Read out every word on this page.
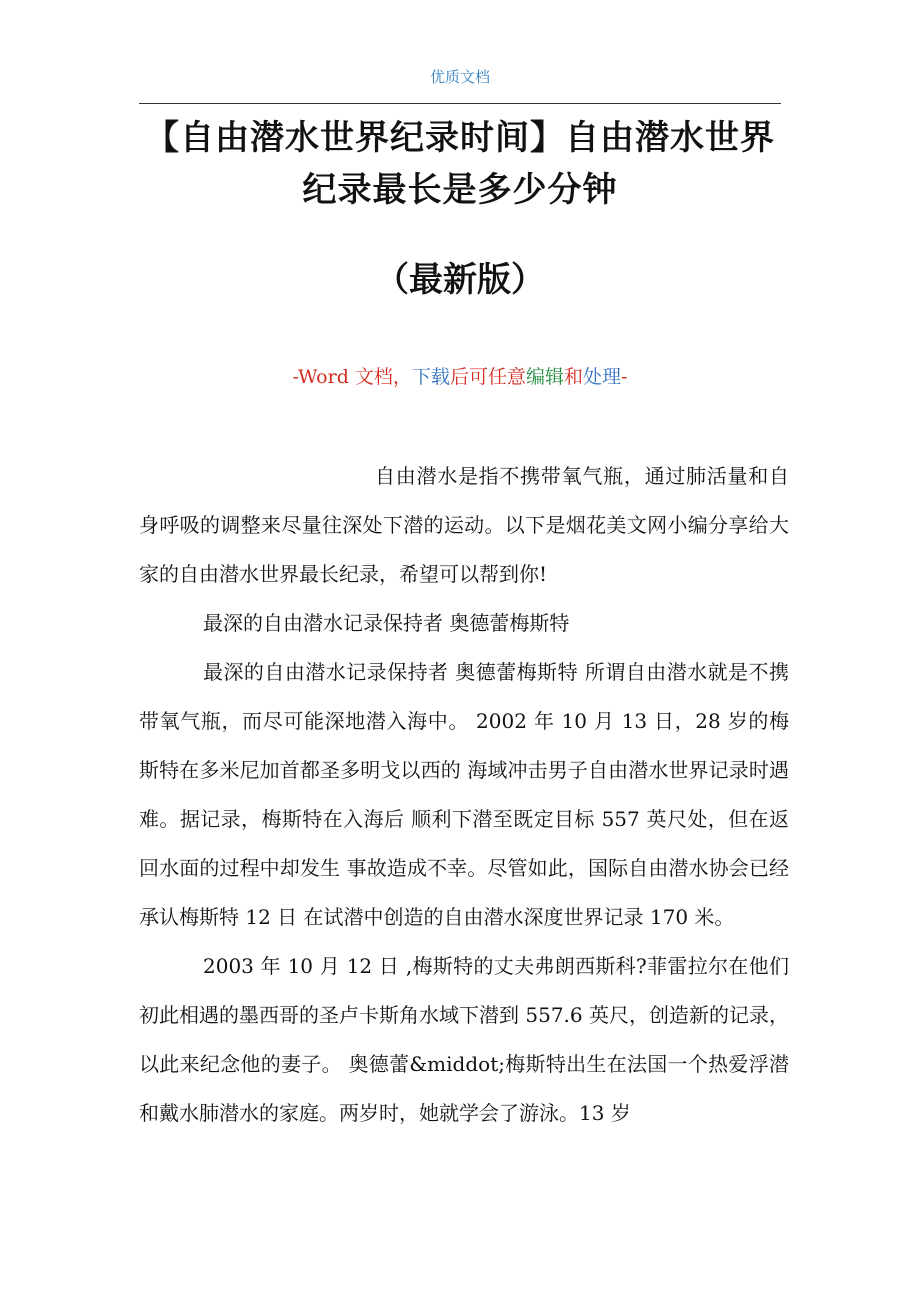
优质文档
【自由潜水世界纪录时间】自由潜水世界纪录最长是多少分钟
（最新版）
-Word 文档，下载后可任意编辑和处理-

自由潜水是指不携带氧气瓶，通过肺活量和自身呼吸的调整来尽量往深处下潜的运动。以下是烟花美文网小编分享给大家的自由潜水世界最长纪录，希望可以帮到你!

最深的自由潜水记录保持者 奥德蕾梅斯特

最深的自由潜水记录保持者 奥德蕾梅斯特 所谓自由潜水就是不携带氧气瓶，而尽可能深地潜入海中。 2002 年 10 月 13 日，28 岁的梅斯特在多米尼加首都圣多明戈以西的 海域冲击男子自由潜水世界记录时遇难。据记录，梅斯特在入海后 顺利下潜至既定目标 557 英尺处，但在返回水面的过程中却发生 事故造成不幸。尽管如此，国际自由潜水协会已经承认梅斯特 12 日 在试潜中创造的自由潜水深度世界记录 170 米。

2003 年 10 月 12 日 ,梅斯特的丈夫弗朗西斯科?菲雷拉尔在他们初此相遇的墨西哥的圣卢卡斯角水域下潜到 557.6 英尺，创造新的记录，以此来纪念他的妻子。 奥德蕾&middot;梅斯特出生在法国一个热爱浮潜和戴水肺潜水的家庭。两岁时，她就学会了游泳。13 岁
